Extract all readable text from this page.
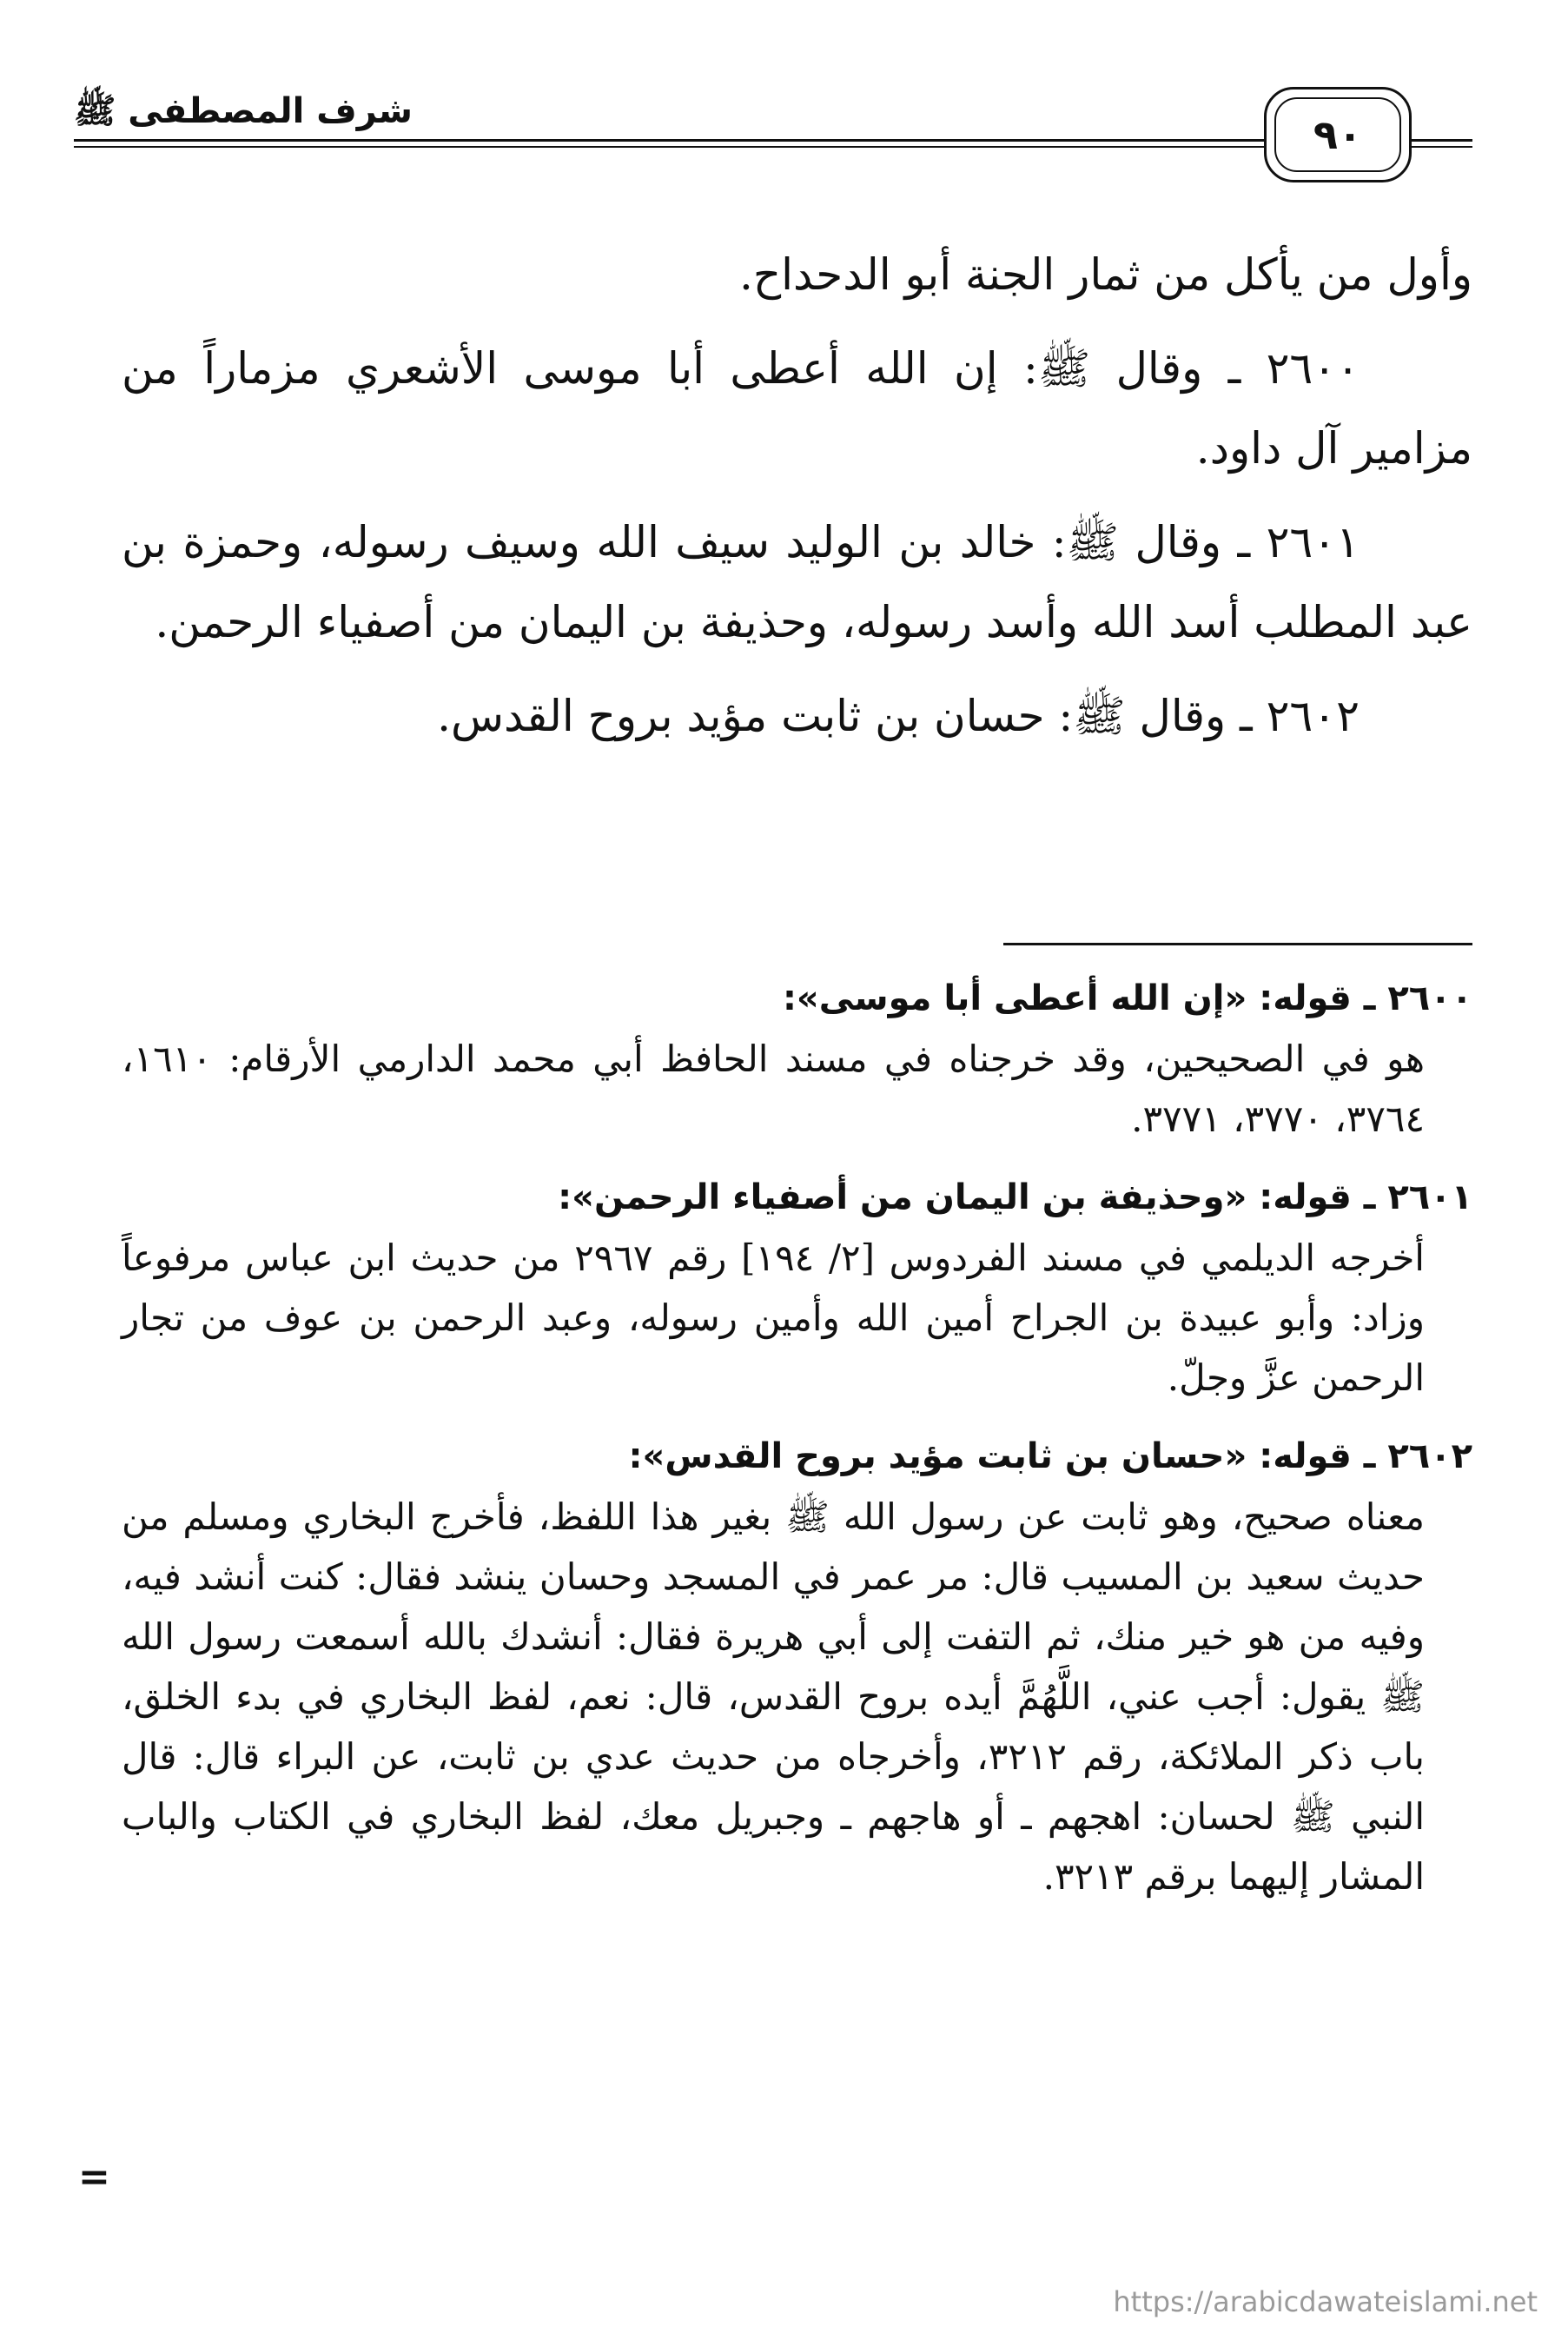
شرف المصطفى ﷺ	٩٠

وأول من يأكل من ثمار الجنة أبو الدحداح.

٢٦٠٠ ـ وقال ﷺ: إن الله أعطى أبا موسى الأشعري مزماراً من مزامير آل داود.

٢٦٠١ ـ وقال ﷺ: خالد بن الوليد سيف الله وسيف رسوله، وحمزة بن عبد المطلب أسد الله وأسد رسوله، وحذيفة بن اليمان من أصفياء الرحمن.

٢٦٠٢ ـ وقال ﷺ: حسان بن ثابت مؤيد بروح القدس.

٢٦٠٠ ـ قوله: «إن الله أعطى أبا موسى»:
هو في الصحيحين، وقد خرجناه في مسند الحافظ أبي محمد الدارمي الأرقام: ١٦١٠، ٣٧٦٤، ٣٧٧٠، ٣٧٧١.
٢٦٠١ ـ قوله: «وحذيفة بن اليمان من أصفياء الرحمن»:
أخرجه الديلمي في مسند الفردوس [٢/ ١٩٤] رقم ٢٩٦٧ من حديث ابن عباس مرفوعاً وزاد: وأبو عبيدة بن الجراح أمين الله وأمين رسوله، وعبد الرحمن بن عوف من تجار الرحمن عزَّ وجلّ.
٢٦٠٢ ـ قوله: «حسان بن ثابت مؤيد بروح القدس»:
معناه صحيح، وهو ثابت عن رسول الله ﷺ بغير هذا اللفظ، فأخرج البخاري ومسلم من حديث سعيد بن المسيب قال: مر عمر في المسجد وحسان ينشد فقال: كنت أنشد فيه، وفيه من هو خير منك، ثم التفت إلى أبي هريرة فقال: أنشدك بالله أسمعت رسول الله ﷺ يقول: أجب عني، اللَّهُمَّ أيده بروح القدس، قال: نعم، لفظ البخاري في بدء الخلق، باب ذكر الملائكة، رقم ٣٢١٢، وأخرجاه من حديث عدي بن ثابت، عن البراء قال: قال النبي ﷺ لحسان: اهجهم ـ أو هاجهم ـ وجبريل معك، لفظ البخاري في الكتاب والباب المشار إليهما برقم ٣٢١٣.
=
https://arabicdawateislami.net
